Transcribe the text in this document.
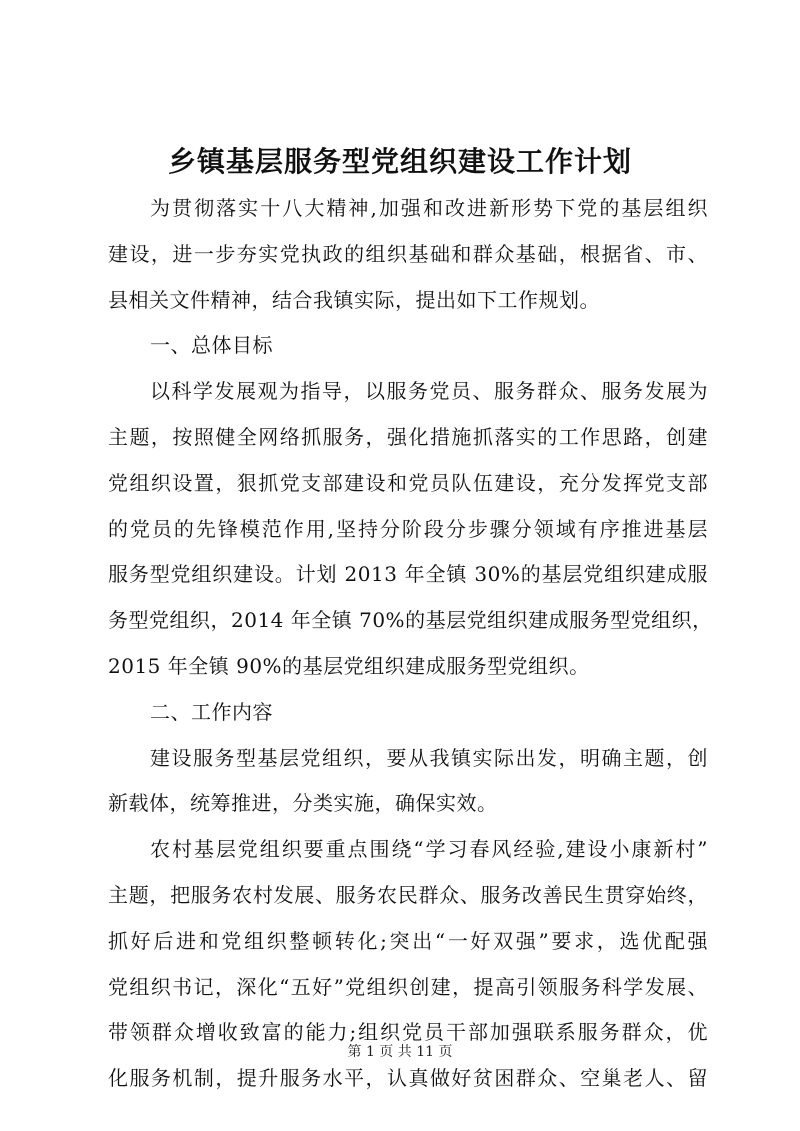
乡镇基层服务型党组织建设工作计划
为贯彻落实十八大精神,加强和改进新形势下党的基层组织
建设，进一步夯实党执政的组织基础和群众基础，根据省、市、
县相关文件精神，结合我镇实际，提出如下工作规划。
一、总体目标
以科学发展观为指导，以服务党员、服务群众、服务发展为
主题，按照健全网络抓服务，强化措施抓落实的工作思路，创建
党组织设置，狠抓党支部建设和党员队伍建设，充分发挥党支部
的党员的先锋模范作用,坚持分阶段分步骤分领域有序推进基层
服务型党组织建设。计划 2013 年全镇 30%的基层党组织建成服
务型党组织，2014 年全镇 70%的基层党组织建成服务型党组织，
2015 年全镇 90%的基层党组织建成服务型党组织。
二、工作内容
建设服务型基层党组织，要从我镇实际出发，明确主题，创
新载体，统筹推进，分类实施，确保实效。
农村基层党组织要重点围绕“学习春风经验,建设小康新村”
主题，把服务农村发展、服务农民群众、服务改善民生贯穿始终，
抓好后进和党组织整顿转化;突出“一好双强”要求，选优配强
党组织书记，深化“五好”党组织创建，提高引领服务科学发展、
带领群众增收致富的能力;组织党员干部加强联系服务群众，优
化服务机制，提升服务水平，认真做好贫困群众、空巢老人、留
第 1 页 共 11 页
